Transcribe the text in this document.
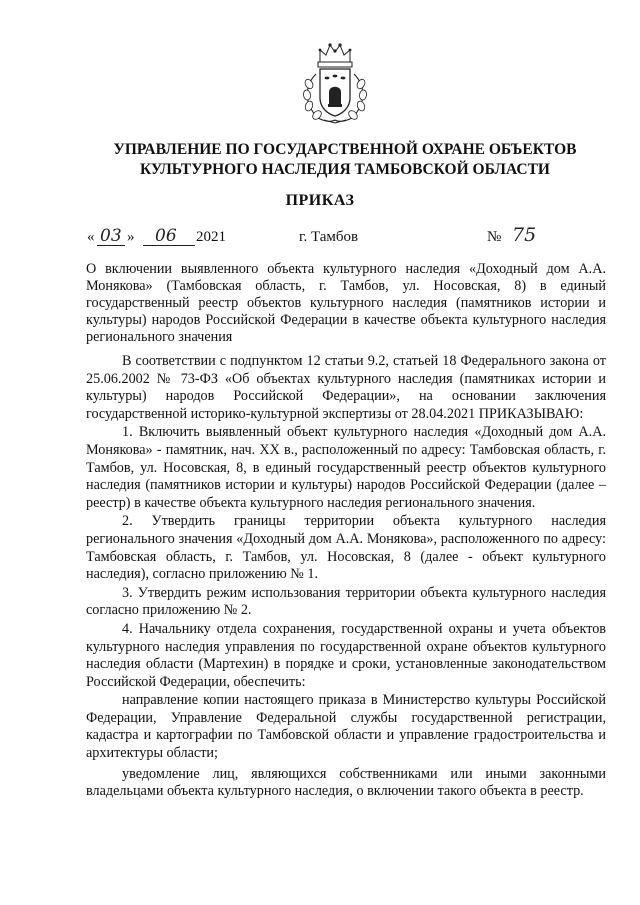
УПРАВЛЕНИЕ ПО ГОСУДАРСТВЕННОЙ ОХРАНЕ ОБЪЕКТОВ
КУЛЬТУРНОГО НАСЛЕДИЯ ТАМБОВСКОЙ ОБЛАСТИ
ПРИКАЗ
« 03 » 06 2021	г. Тамбов	№ 75
О включении выявленного объекта культурного наследия «Доходный дом А.А. Монякова» (Тамбовская область, г. Тамбов, ул. Носовская, 8) в единый государственный реестр объектов культурного наследия (памятников истории и культуры) народов Российской Федерации в качестве объекта культурного наследия регионального значения

В соответствии с подпунктом 12 статьи 9.2, статьей 18 Федерального закона от 25.06.2002 № 73-ФЗ «Об объектах культурного наследия (памятниках истории и культуры) народов Российской Федерации», на основании заключения государственной историко-культурной экспертизы от 28.04.2021 ПРИКАЗЫВАЮ:

1. Включить выявленный объект культурного наследия «Доходный дом А.А. Монякова» - памятник, нач. XX в., расположенный по адресу: Тамбовская область, г. Тамбов, ул. Носовская, 8, в единый государственный реестр объектов культурного наследия (памятников истории и культуры) народов Российской Федерации (далее – реестр) в качестве объекта культурного наследия регионального значения.

2. Утвердить границы территории объекта культурного наследия регионального значения «Доходный дом А.А. Монякова», расположенного по адресу: Тамбовская область, г. Тамбов, ул. Носовская, 8 (далее - объект культурного наследия), согласно приложению № 1.

3. Утвердить режим использования территории объекта культурного наследия согласно приложению № 2.

4. Начальнику отдела сохранения, государственной охраны и учета объектов культурного наследия управления по государственной охране объектов культурного наследия области (Мартехин) в порядке и сроки, установленные законодательством Российской Федерации, обеспечить:

направление копии настоящего приказа в Министерство культуры Российской Федерации, Управление Федеральной службы государственной регистрации, кадастра и картографии по Тамбовской области и управление градостроительства и архитектуры области;

уведомление лиц, являющихся собственниками или иными законными владельцами объекта культурного наследия, о включении такого объекта в реестр.
